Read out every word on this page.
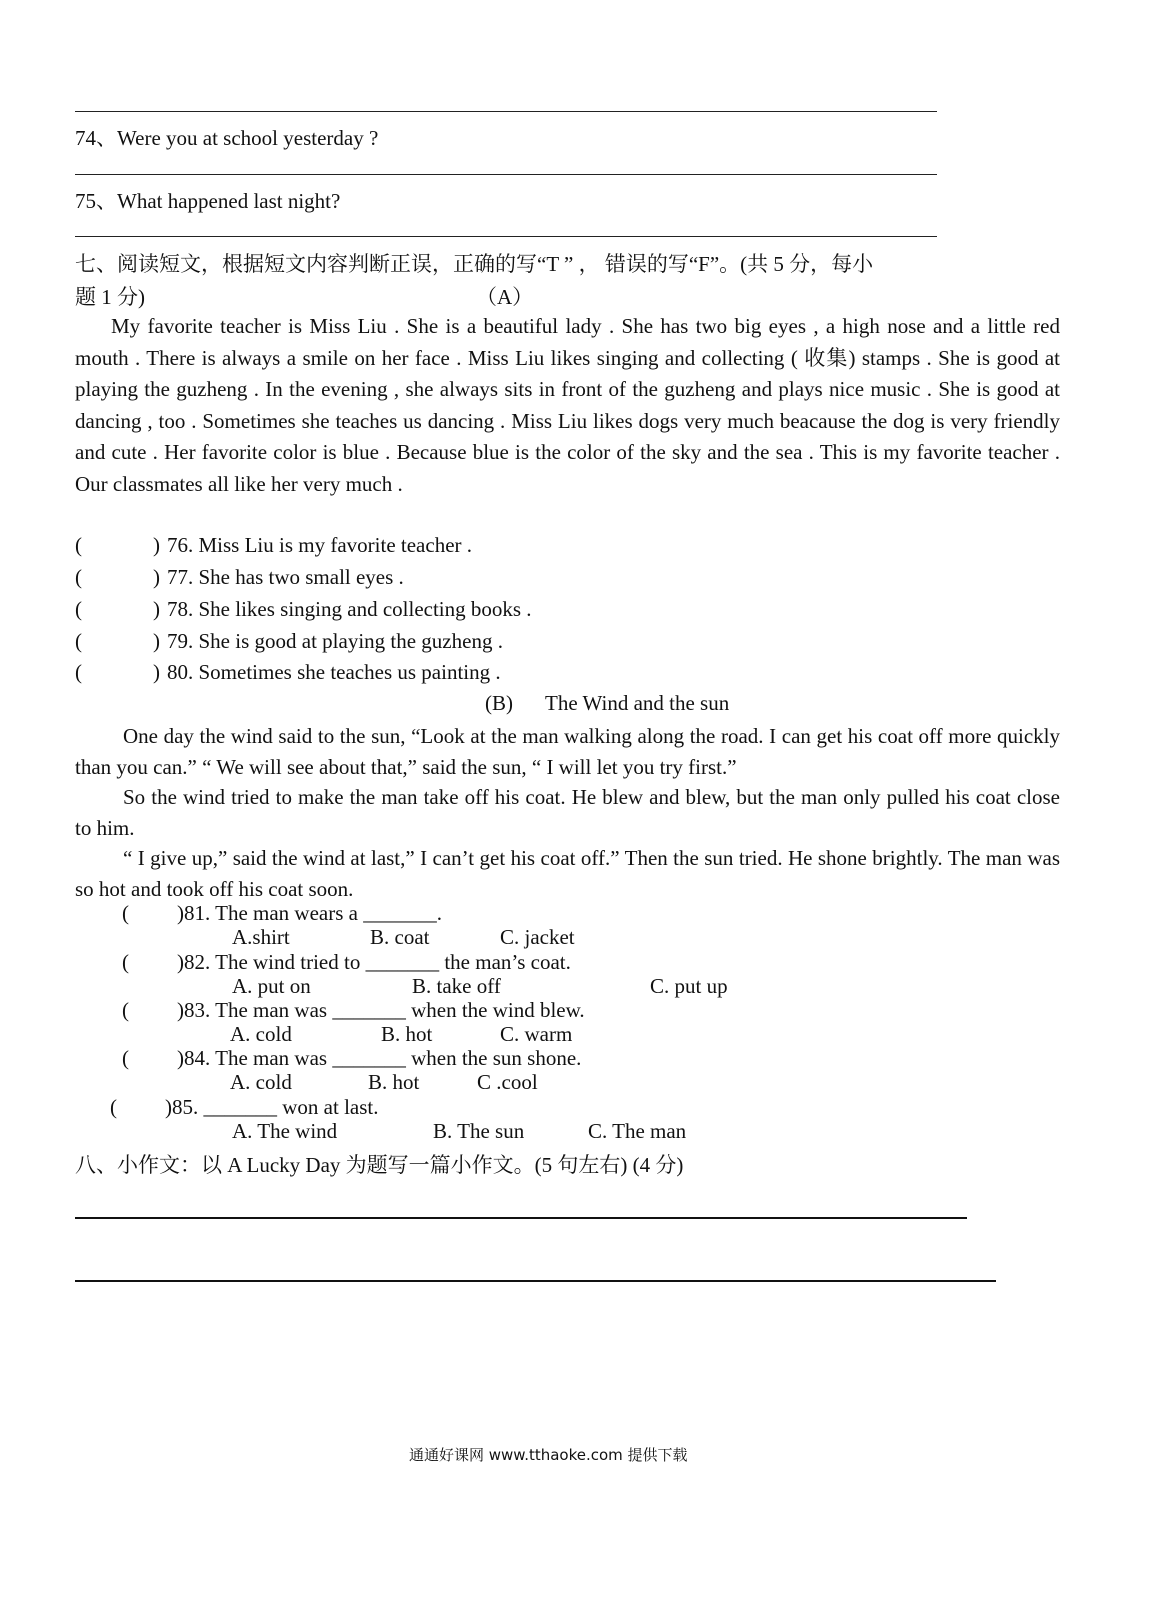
74、Were you at school yesterday ?
75、What happened last night?
七、阅读短文，根据短文内容判断正误，正确的写“T ” ， 错误的写“F”。(共 5 分，每小
题 1 分)	（A）
My favorite teacher is Miss Liu . She is a beautiful lady . She has two big eyes , a high nose and a little red mouth . There is always a smile on her face . Miss Liu likes singing and collecting ( 收集) stamps . She is good at playing the guzheng . In the evening , she always sits in front of the guzheng and plays nice music . She is good at dancing , too . Sometimes she teaches us dancing . Miss Liu likes dogs very much beacause the dog is very friendly and cute . Her favorite color is blue . Because blue is the color of the sky and the sea . This is my favorite teacher . Our classmates all like her very much .
(	) 76. Miss Liu is my favorite teacher .
(	) 77. She has two small eyes .
(	) 78. She likes singing and collecting books .
(	) 79. She is good at playing the guzheng .
(	) 80. Sometimes she teaches us painting .
(B) The Wind and the sun
One day the wind said to the sun, “Look at the man walking along the road. I can get his coat off more quickly than you can.” “ We will see about that,” said the sun, “ I will let you try first.”
So the wind tried to make the man take off his coat. He blew and blew, but the man only pulled his coat close to him.
“ I give up,” said the wind at last,” I can’t get his coat off.” Then the sun tried. He shone brightly. The man was so hot and took off his coat soon.
( )81. The man wears a _______.
A.shirt	B. coat	C. jacket
( )82. The wind tried to _______ the man’s coat.
A. put on	B. take off	C. put up
( )83. The man was _______ when the wind blew.
A. cold	B. hot	C. warm
( )84. The man was _______ when the sun shone.
A. cold	B. hot	C .cool
( )85. _______ won at last.
A. The wind	B. The sun	C. The man
八、小作文：以 A Lucky Day 为题写一篇小作文。(5 句左右) (4 分)
通通好课网 www.tthaoke.com 提供下载
